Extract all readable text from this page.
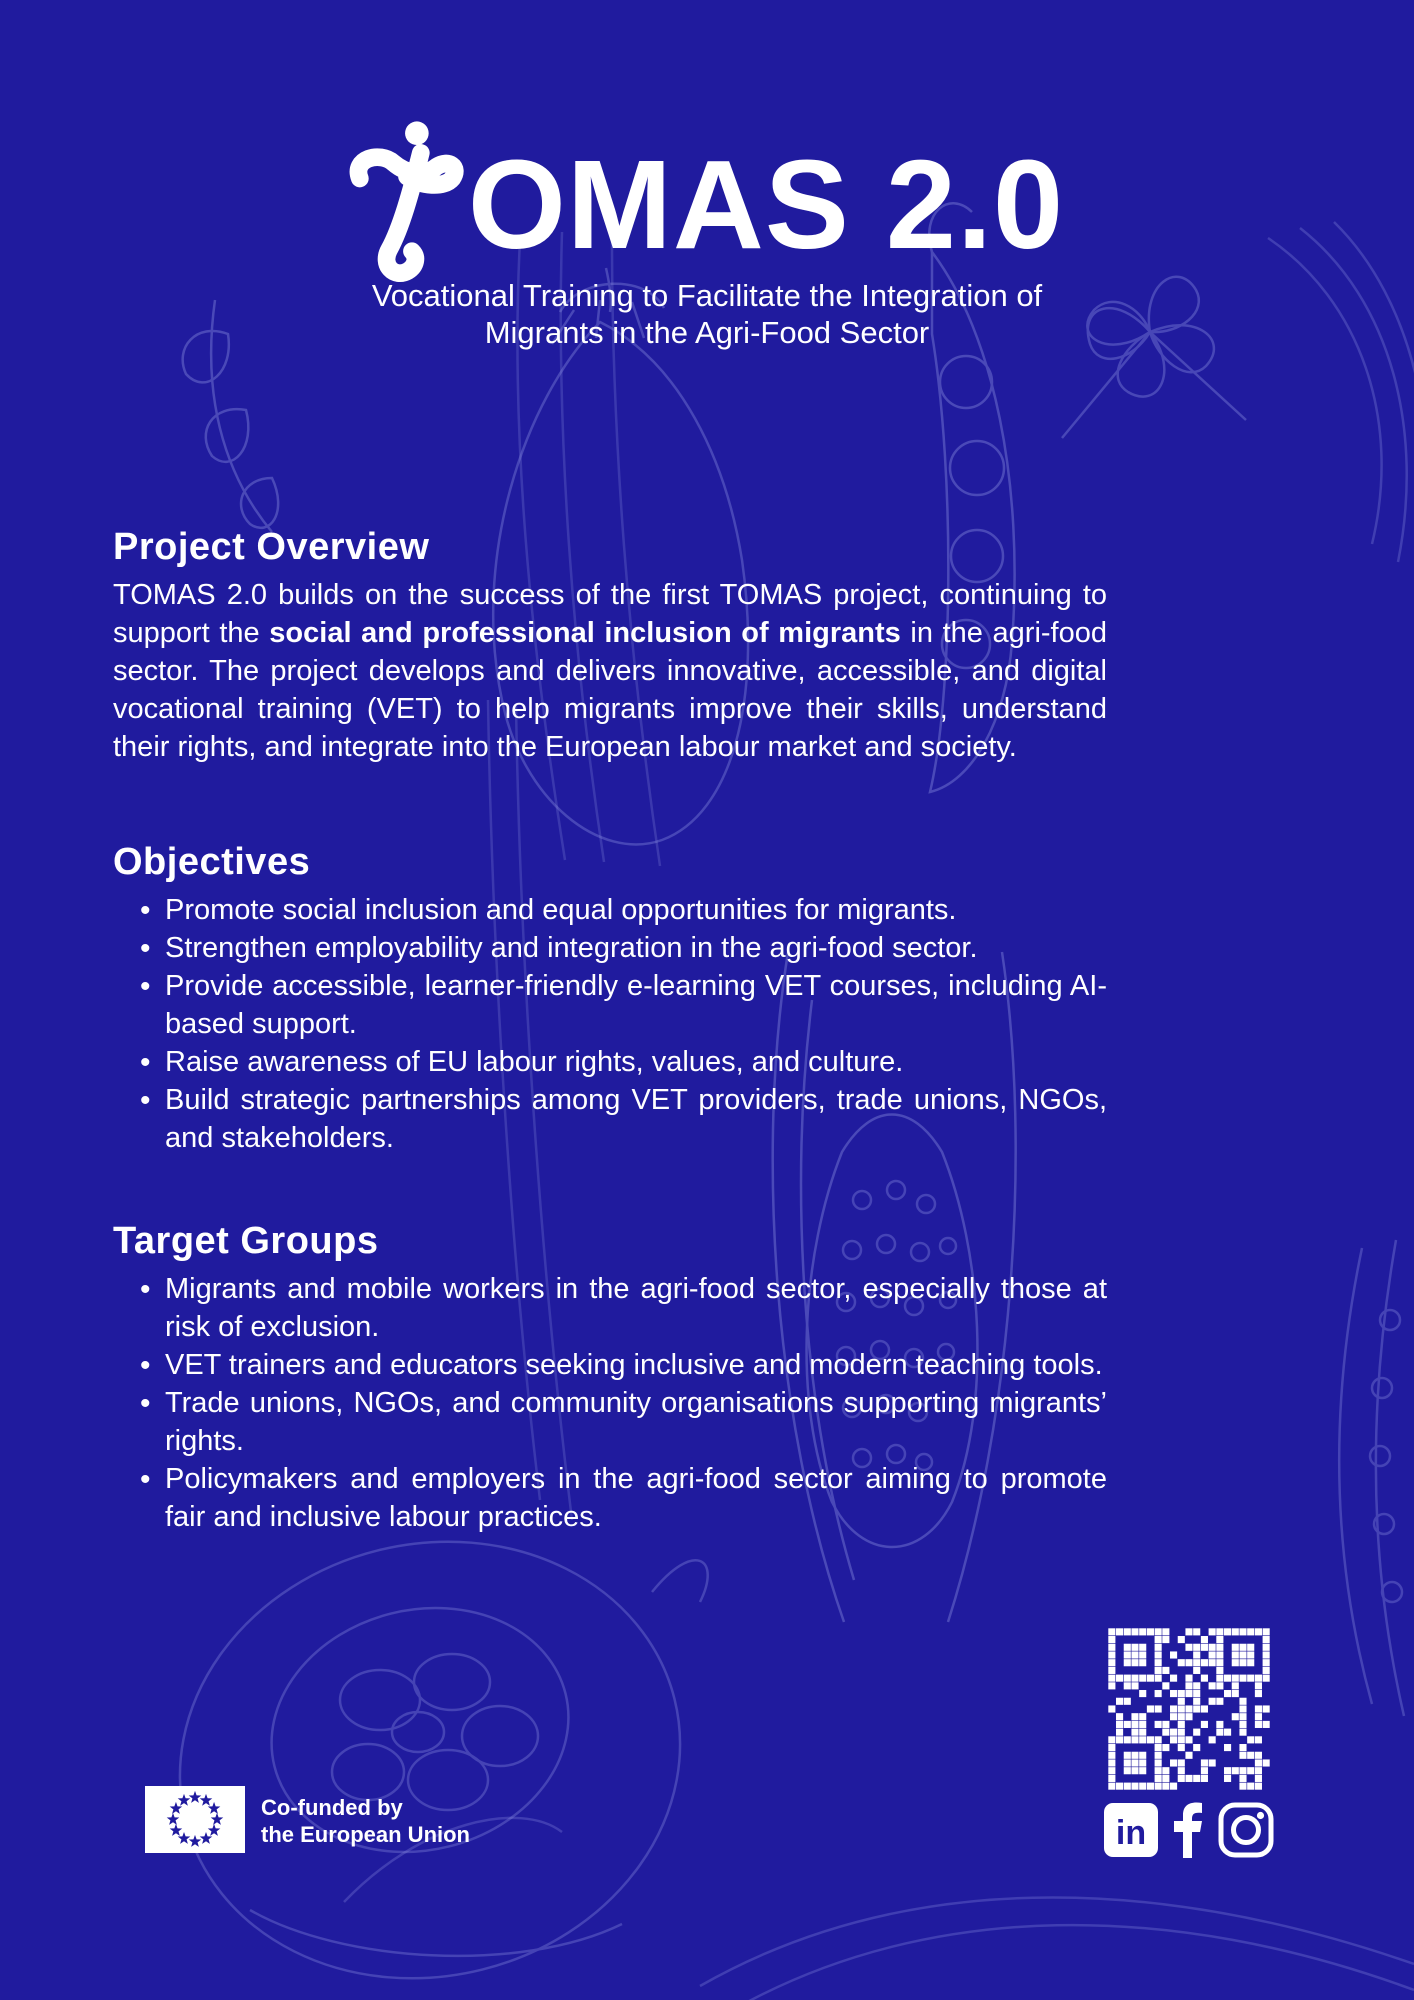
OMAS 2.0
Vocational Training to Facilitate the Integration of
Migrants in the Agri-Food Sector
Project Overview

TOMAS 2.0 builds on the success of the first TOMAS project, continuing to support the social and professional inclusion of migrants in the agri-food sector. The project develops and delivers innovative, accessible, and digital vocational training (VET) to help migrants improve their skills, understand their rights, and integrate into the European labour market and society.

Objectives
• Promote social inclusion and equal opportunities for migrants.
• Strengthen employability and integration in the agri-food sector.
• Provide accessible, learner-friendly e-learning VET courses, including AI-based support.
• Raise awareness of EU labour rights, values, and culture.
• Build strategic partnerships among VET providers, trade unions, NGOs, and stakeholders.
Target Groups
• Migrants and mobile workers in the agri-food sector, especially those at risk of exclusion.
• VET trainers and educators seeking inclusive and modern teaching tools.
• Trade unions, NGOs, and community organisations supporting migrants’ rights.
• Policymakers and employers in the agri-food sector aiming to promote fair and inclusive labour practices.
Co-funded by
the European Union	in
